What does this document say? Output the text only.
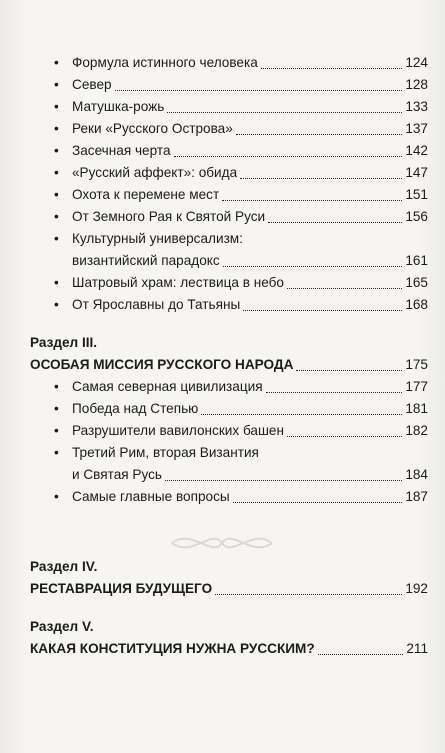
• Формула истинного человека	124
• Север	128
• Матушка-рожь	133
• Реки «Русского Острова»	137
• Засечная черта	142
• «Русский аффект»: обида	147
• Охота к перемене мест	151
• От Земного Рая к Святой Руси	156
• Культурный универсализм:
византийский парадокс	161
• Шатровый храм: лествица в небо	165
• От Ярославны до Татьяны	168
Раздел III.
ОСОБАЯ МИССИЯ РУССКОГО НАРОДА	175
• Самая северная цивилизация	177
• Победа над Степью	181
• Разрушители вавилонских башен	182
• Третий Рим, вторая Византия
и Святая Русь	184
• Самые главные вопросы	187
Раздел IV.
РЕСТАВРАЦИЯ БУДУЩЕГО	192
Раздел V.
КАКАЯ КОНСТИТУЦИЯ НУЖНА РУССКИМ?	211
